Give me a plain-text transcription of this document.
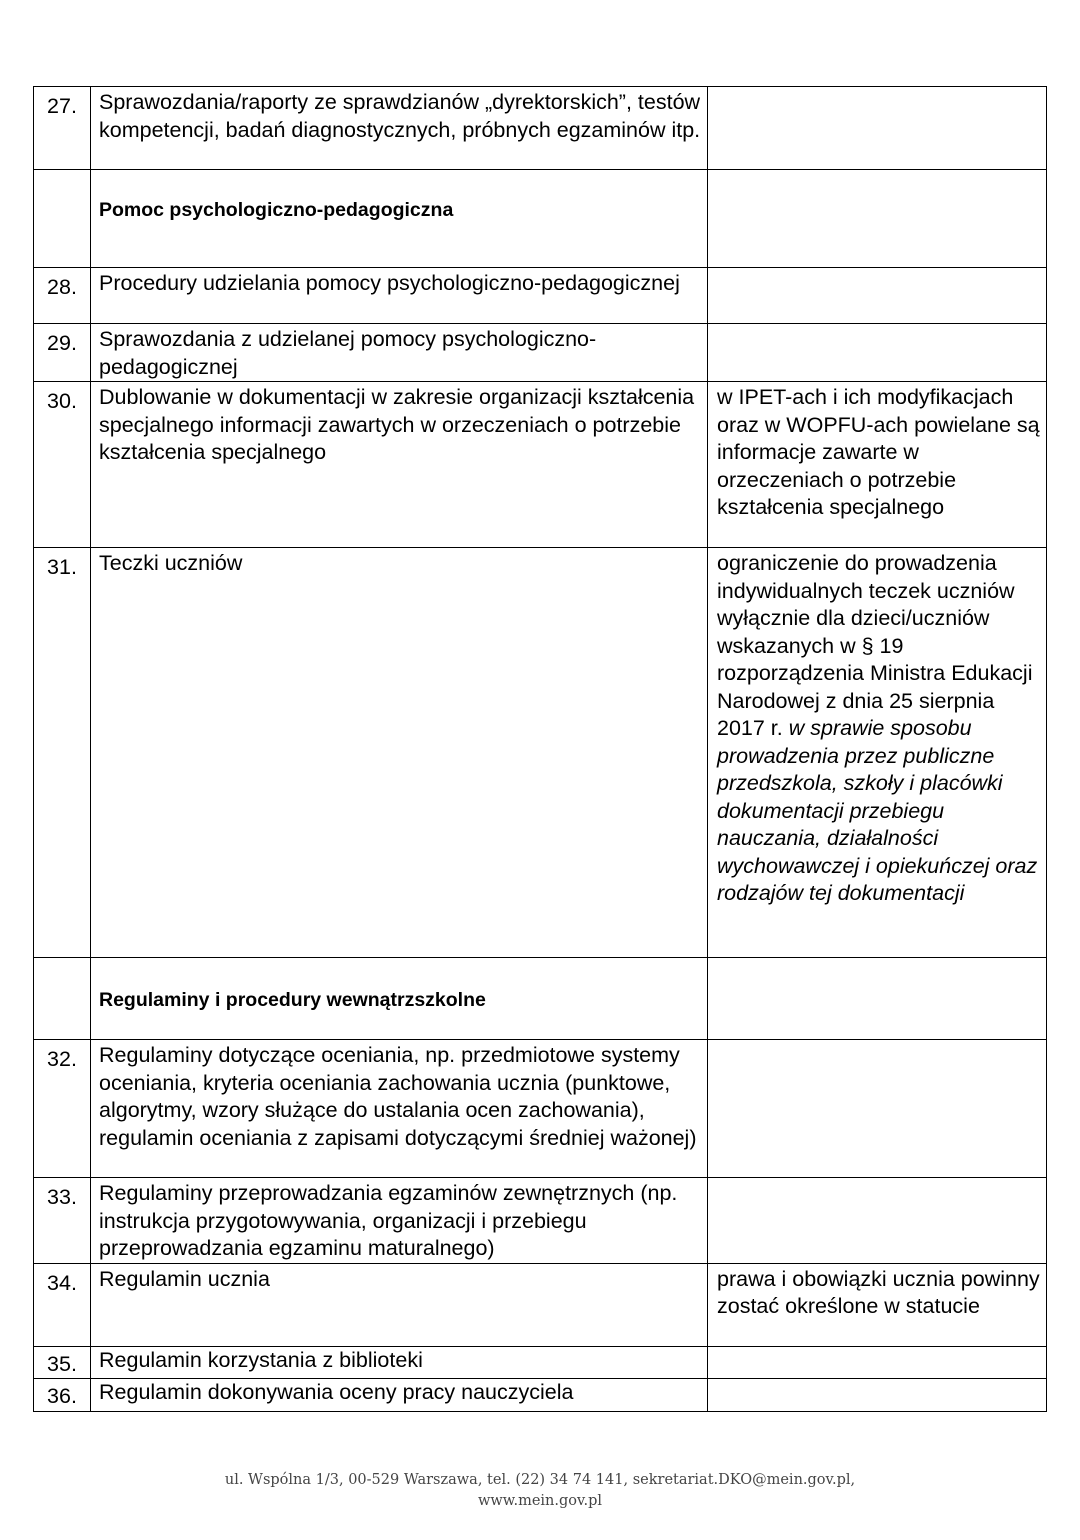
27.	Sprawozdania/raporty ze sprawdzianów „dyrektorskich”, testów kompetencji, badań diagnostycznych, próbnych egzaminów itp.	
	Pomoc psychologiczno-pedagogiczna	
28.	Procedury udzielania pomocy psychologiczno-pedagogicznej	
29.	Sprawozdania z udzielanej pomocy psychologiczno-pedagogicznej	
30.	Dublowanie w dokumentacji w zakresie organizacji kształcenia specjalnego informacji zawartych w orzeczeniach o potrzebie kształcenia specjalnego	w IPET-ach i ich modyfikacjach oraz w WOPFU-ach powielane są informacje zawarte w orzeczeniach o potrzebie kształcenia specjalnego
31.	Teczki uczniów	ograniczenie do prowadzenia indywidualnych teczek uczniów wyłącznie dla dzieci/uczniów wskazanych w § 19 rozporządzenia Ministra Edukacji Narodowej z dnia 25 sierpnia 2017 r. w sprawie sposobu prowadzenia przez publiczne przedszkola, szkoły i placówki dokumentacji przebiegu nauczania, działalności wychowawczej i opiekuńczej oraz rodzajów tej dokumentacji
	Regulaminy i procedury wewnątrzszkolne	
32.	Regulaminy dotyczące oceniania, np. przedmiotowe systemy oceniania, kryteria oceniania zachowania ucznia (punktowe, algorytmy, wzory służące do ustalania ocen zachowania), regulamin oceniania z zapisami dotyczącymi średniej ważonej)	
33.	Regulaminy przeprowadzania egzaminów zewnętrznych (np. instrukcja przygotowywania, organizacji i przebiegu przeprowadzania egzaminu maturalnego)	
34.	Regulamin ucznia	prawa i obowiązki ucznia powinny zostać określone w statucie
35.	Regulamin korzystania z biblioteki	
36.	Regulamin dokonywania oceny pracy nauczyciela	
ul. Wspólna 1/3, 00-529 Warszawa, tel. (22) 34 74 141, sekretariat.DKO@mein.gov.pl,
www.mein.gov.pl
